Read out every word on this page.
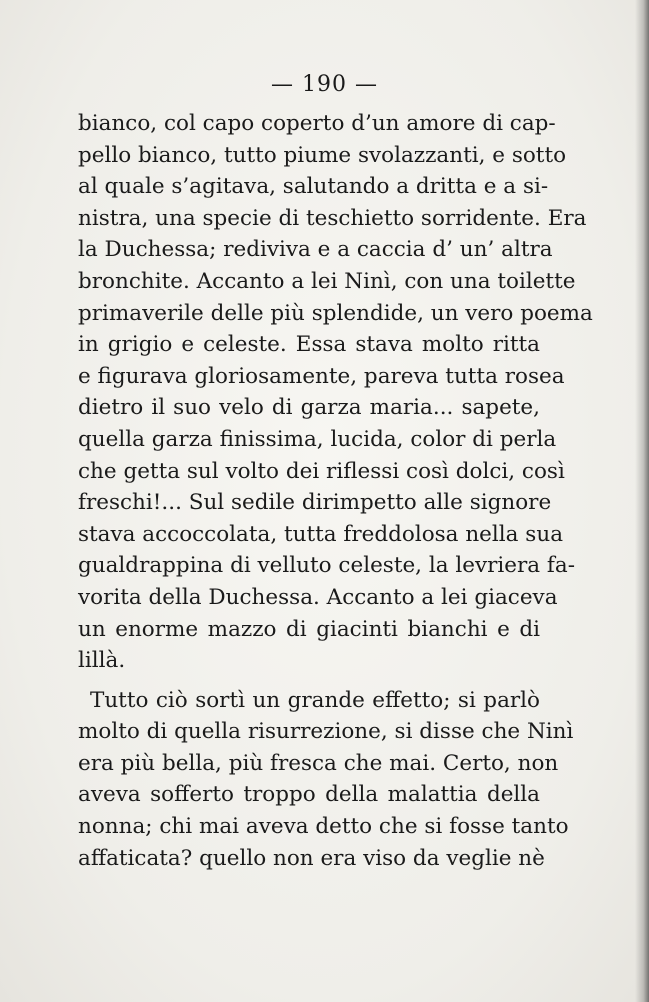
— 190 —
bianco, col capo coperto d’un amore di cap-
pello bianco, tutto piume svolazzanti, e sotto
al quale s’agitava, salutando a dritta e a si-
nistra, una specie di teschietto sorridente. Era
la Duchessa; rediviva e a caccia d’ un’ altra
bronchite. Accanto a lei Ninì, con una toilette
primaverile delle più splendide, un vero poema
in grigio e celeste. Essa stava molto ritta
e figurava gloriosamente, pareva tutta rosea
dietro il suo velo di garza maria... sapete,
quella garza finissima, lucida, color di perla
che getta sul volto dei riflessi così dolci, così
freschi!... Sul sedile dirimpetto alle signore
stava accoccolata, tutta freddolosa nella sua
gualdrappina di velluto celeste, la levriera fa-
vorita della Duchessa. Accanto a lei giaceva
un enorme mazzo di giacinti bianchi e di
lillà.
Tutto ciò sortì un grande effetto; si parlò
molto di quella risurrezione, si disse che Ninì
era più bella, più fresca che mai. Certo, non
aveva sofferto troppo della malattia della
nonna; chi mai aveva detto che si fosse tanto
affaticata? quello non era viso da veglie nè
